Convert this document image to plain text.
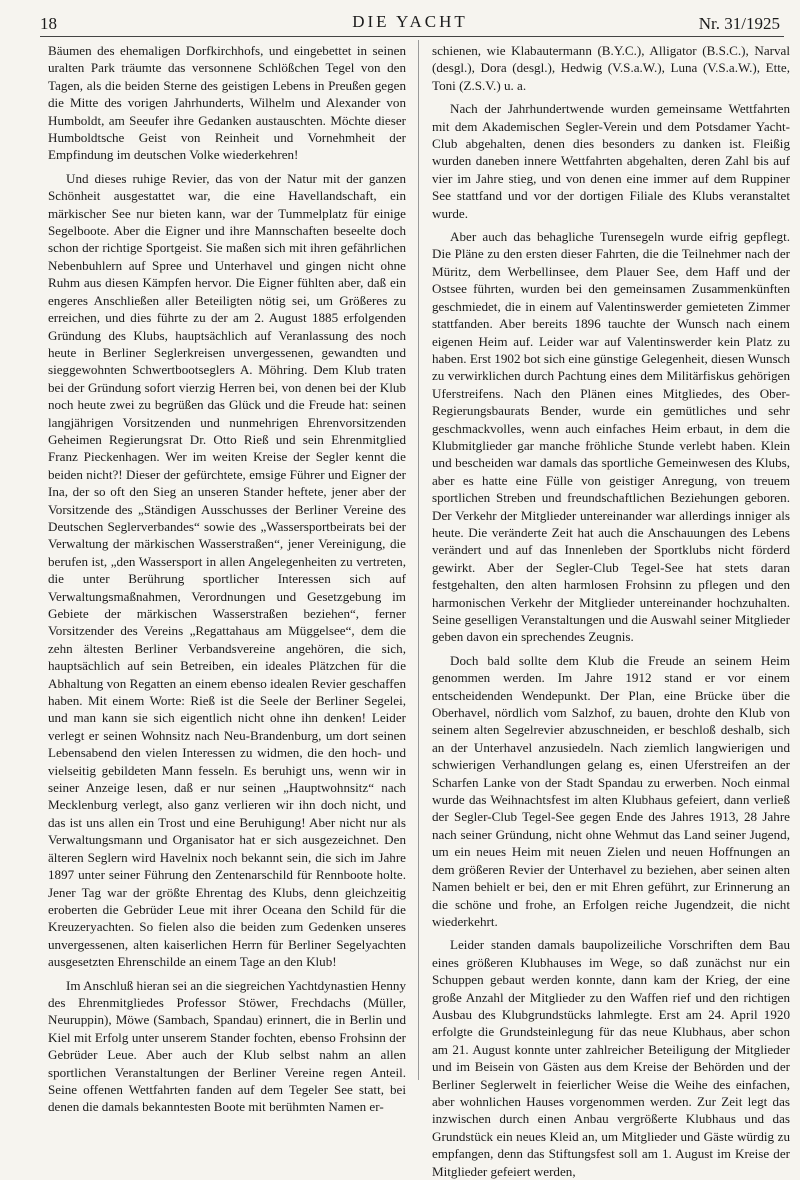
18	DIE YACHT	Nr. 31/1925

Bäumen des ehemaligen Dorfkirchhofs, und eingebettet in seinen uralten Park träumte das versonnene Schlößchen Tegel von den Tagen, als die beiden Sterne des geistigen Lebens in Preußen gegen die Mitte des vorigen Jahrhunderts, Wilhelm und Alexander von Humboldt, am Seeufer ihre Gedanken austauschten. Möchte dieser Humboldtsche Geist von Reinheit und Vornehmheit der Empfindung im deutschen Volke wiederkehren!

Und dieses ruhige Revier, das von der Natur mit der ganzen Schönheit ausgestattet war, die eine Havellandschaft, ein märkischer See nur bieten kann, war der Tummelplatz für einige Segelboote. Aber die Eigner und ihre Mannschaften beseelte doch schon der richtige Sportgeist. Sie maßen sich mit ihren gefährlichen Nebenbuhlern auf Spree und Unterhavel und gingen nicht ohne Ruhm aus diesen Kämpfen hervor. Die Eigner fühlten aber, daß ein engeres Anschließen aller Beteiligten nötig sei, um Größeres zu erreichen, und dies führte zu der am 2. August 1885 erfolgenden Gründung des Klubs, hauptsächlich auf Veranlassung des noch heute in Berliner Seglerkreisen unvergessenen, gewandten und sieggewohnten Schwertbootseglers A. Möhring. Dem Klub traten bei der Gründung sofort vierzig Herren bei, von denen bei der Klub noch heute zwei zu begrüßen das Glück und die Freude hat: seinen langjährigen Vorsitzenden und nunmehrigen Ehrenvorsitzenden Geheimen Regierungsrat Dr. Otto Rieß und sein Ehrenmitglied Franz Pieckenhagen. Wer im weiten Kreise der Segler kennt die beiden nicht?! Dieser der gefürchtete, emsige Führer und Eigner der Ina, der so oft den Sieg an unseren Stander heftete, jener aber der Vorsitzende des „Ständigen Ausschusses der Berliner Vereine des Deutschen Seglerverbandes“ sowie des „Wassersportbeirats bei der Verwaltung der märkischen Wasserstraßen“, jener Vereinigung, die berufen ist, „den Wassersport in allen Angelegenheiten zu vertreten, die unter Berührung sportlicher Interessen sich auf Verwaltungsmaßnahmen, Verordnungen und Gesetzgebung im Gebiete der märkischen Wasserstraßen beziehen“, ferner Vorsitzender des Vereins „Regattahaus am Müggelsee“, dem die zehn ältesten Berliner Verbandsvereine angehören, die sich, hauptsächlich auf sein Betreiben, ein ideales Plätzchen für die Abhaltung von Regatten an einem ebenso idealen Revier geschaffen haben. Mit einem Worte: Rieß ist die Seele der Berliner Segelei, und man kann sie sich eigentlich nicht ohne ihn denken! Leider verlegt er seinen Wohnsitz nach Neu-Brandenburg, um dort seinen Lebensabend den vielen Interessen zu widmen, die den hoch- und vielseitig gebildeten Mann fesseln. Es beruhigt uns, wenn wir in seiner Anzeige lesen, daß er nur seinen „Hauptwohnsitz“ nach Mecklenburg verlegt, also ganz verlieren wir ihn doch nicht, und das ist uns allen ein Trost und eine Beruhigung! Aber nicht nur als Verwaltungsmann und Organisator hat er sich ausgezeichnet. Den älteren Seglern wird Havelnix noch bekannt sein, die sich im Jahre 1897 unter seiner Führung den Zentenarschild für Rennboote holte. Jener Tag war der größte Ehrentag des Klubs, denn gleichzeitig eroberten die Gebrüder Leue mit ihrer Oceana den Schild für die Kreuzeryachten. So fielen also die beiden zum Gedenken unseres unvergessenen, alten kaiserlichen Herrn für Berliner Segelyachten ausgesetzten Ehrenschilde an einem Tage an den Klub!

Im Anschluß hieran sei an die siegreichen Yachtdynastien Henny des Ehrenmitgliedes Professor Stöwer, Frechdachs (Müller, Neuruppin), Möwe (Sambach, Spandau) erinnert, die in Berlin und Kiel mit Erfolg unter unserem Stander fochten, ebenso Frohsinn der Gebrüder Leue. Aber auch der Klub selbst nahm an allen sportlichen Veranstaltungen der Berliner Vereine regen Anteil. Seine offenen Wettfahrten fanden auf dem Tegeler See statt, bei denen die damals bekanntesten Boote mit berühmten Namen er-

schienen, wie Klabautermann (B.Y.C.), Alligator (B.S.C.), Narval (desgl.), Dora (desgl.), Hedwig (V.S.a.W.), Luna (V.S.a.W.), Ette, Toni (Z.S.V.) u. a.

Nach der Jahrhundertwende wurden gemeinsame Wettfahrten mit dem Akademischen Segler-Verein und dem Potsdamer Yacht-Club abgehalten, denen dies besonders zu danken ist. Fleißig wurden daneben innere Wettfahrten abgehalten, deren Zahl bis auf vier im Jahre stieg, und von denen eine immer auf dem Ruppiner See stattfand und vor der dortigen Filiale des Klubs veranstaltet wurde.

Aber auch das behagliche Turensegeln wurde eifrig gepflegt. Die Pläne zu den ersten dieser Fahrten, die die Teilnehmer nach der Müritz, dem Werbellinsee, dem Plauer See, dem Haff und der Ostsee führten, wurden bei den gemeinsamen Zusammenkünften geschmiedet, die in einem auf Valentinswerder gemieteten Zimmer stattfanden. Aber bereits 1896 tauchte der Wunsch nach einem eigenen Heim auf. Leider war auf Valentinswerder kein Platz zu haben. Erst 1902 bot sich eine günstige Gelegenheit, diesen Wunsch zu verwirklichen durch Pachtung eines dem Militärfiskus gehörigen Uferstreifens. Nach den Plänen eines Mitgliedes, des Ober-Regierungsbaurats Bender, wurde ein gemütliches und sehr geschmackvolles, wenn auch einfaches Heim erbaut, in dem die Klubmitglieder gar manche fröhliche Stunde verlebt haben. Klein und bescheiden war damals das sportliche Gemeinwesen des Klubs, aber es hatte eine Fülle von geistiger Anregung, von treuem sportlichen Streben und freundschaftlichen Beziehungen geboren. Der Verkehr der Mitglieder untereinander war allerdings inniger als heute. Die veränderte Zeit hat auch die Anschauungen des Lebens verändert und auf das Innenleben der Sportklubs nicht förderd gewirkt. Aber der Segler-Club Tegel-See hat stets daran festgehalten, den alten harmlosen Frohsinn zu pflegen und den harmonischen Verkehr der Mitglieder untereinander hochzuhalten. Seine geselligen Veranstaltungen und die Auswahl seiner Mitglieder geben davon ein sprechendes Zeugnis.

Doch bald sollte dem Klub die Freude an seinem Heim genommen werden. Im Jahre 1912 stand er vor einem entscheidenden Wendepunkt. Der Plan, eine Brücke über die Oberhavel, nördlich vom Salzhof, zu bauen, drohte den Klub von seinem alten Segelrevier abzuschneiden, er beschloß deshalb, sich an der Unterhavel anzusiedeln. Nach ziemlich langwierigen und schwierigen Verhandlungen gelang es, einen Uferstreifen an der Scharfen Lanke von der Stadt Spandau zu erwerben. Noch einmal wurde das Weihnachtsfest im alten Klubhaus gefeiert, dann verließ der Segler-Club Tegel-See gegen Ende des Jahres 1913, 28 Jahre nach seiner Gründung, nicht ohne Wehmut das Land seiner Jugend, um ein neues Heim mit neuen Zielen und neuen Hoffnungen an dem größeren Revier der Unterhavel zu beziehen, aber seinen alten Namen behielt er bei, den er mit Ehren geführt, zur Erinnerung an die schöne und frohe, an Erfolgen reiche Jugendzeit, die nicht wiederkehrt.

Leider standen damals baupolizeiliche Vorschriften dem Bau eines größeren Klubhauses im Wege, so daß zunächst nur ein Schuppen gebaut werden konnte, dann kam der Krieg, der eine große Anzahl der Mitglieder zu den Waffen rief und den richtigen Ausbau des Klubgrundstücks lahmlegte. Erst am 24. April 1920 erfolgte die Grundsteinlegung für das neue Klubhaus, aber schon am 21. August konnte unter zahlreicher Beteiligung der Mitglieder und im Beisein von Gästen aus dem Kreise der Behörden und der Berliner Seglerwelt in feierlicher Weise die Weihe des einfachen, aber wohnlichen Hauses vorgenommen werden. Zur Zeit legt das inzwischen durch einen Anbau vergrößerte Klubhaus und das Grundstück ein neues Kleid an, um Mitglieder und Gäste würdig zu empfangen, denn das Stiftungsfest soll am 1. August im Kreise der Mitglieder gefeiert werden,
